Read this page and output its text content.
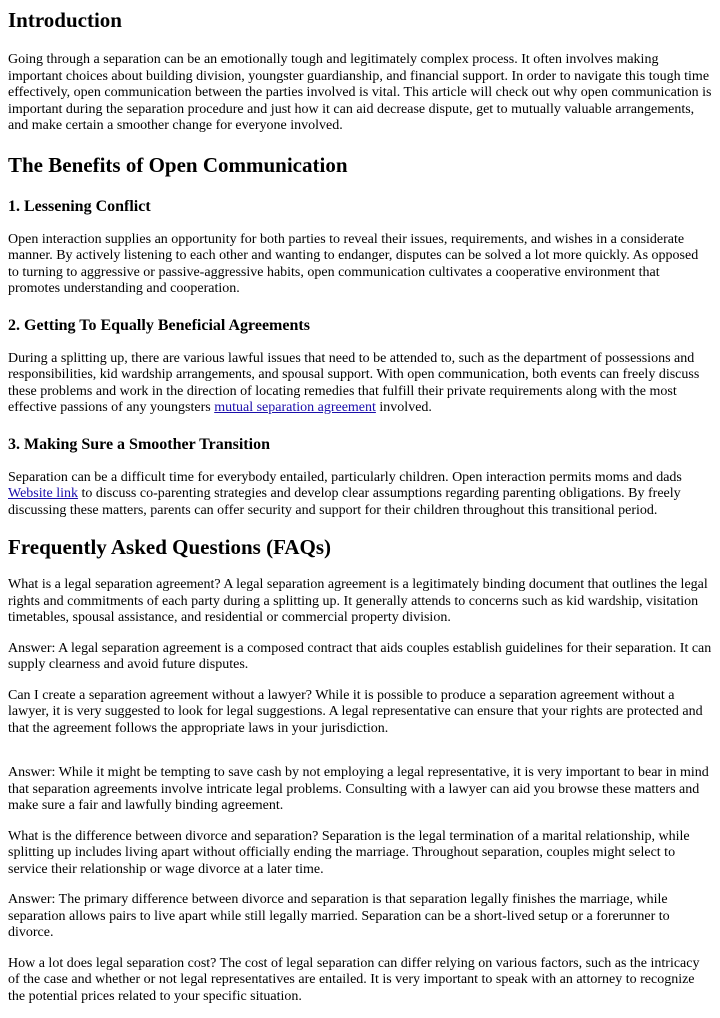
Introduction

Going through a separation can be an emotionally tough and legitimately complex process. It often involves making important choices about building division, youngster guardianship, and financial support. In order to navigate this tough time effectively, open communication between the parties involved is vital. This article will check out why open communication is important during the separation procedure and just how it can aid decrease dispute, get to mutually valuable arrangements, and make certain a smoother change for everyone involved.

The Benefits of Open Communication
1. Lessening Conflict

Open interaction supplies an opportunity for both parties to reveal their issues, requirements, and wishes in a considerate manner. By actively listening to each other and wanting to endanger, disputes can be solved a lot more quickly. As opposed to turning to aggressive or passive-aggressive habits, open communication cultivates a cooperative environment that promotes understanding and cooperation.

2. Getting To Equally Beneficial Agreements

During a splitting up, there are various lawful issues that need to be attended to, such as the department of possessions and responsibilities, kid wardship arrangements, and spousal support. With open communication, both events can freely discuss these problems and work in the direction of locating remedies that fulfill their private requirements along with the most effective passions of any youngsters mutual separation agreement involved.

3. Making Sure a Smoother Transition

Separation can be a difficult time for everybody entailed, particularly children. Open interaction permits moms and dads Website link to discuss co-parenting strategies and develop clear assumptions regarding parenting obligations. By freely discussing these matters, parents can offer security and support for their children throughout this transitional period.

Frequently Asked Questions (FAQs)

What is a legal separation agreement? A legal separation agreement is a legitimately binding document that outlines the legal rights and commitments of each party during a splitting up. It generally attends to concerns such as kid wardship, visitation timetables, spousal assistance, and residential or commercial property division.

Answer: A legal separation agreement is a composed contract that aids couples establish guidelines for their separation. It can supply clearness and avoid future disputes.

Can I create a separation agreement without a lawyer? While it is possible to produce a separation agreement without a lawyer, it is very suggested to look for legal suggestions. A legal representative can ensure that your rights are protected and that the agreement follows the appropriate laws in your jurisdiction.

Answer: While it might be tempting to save cash by not employing a legal representative, it is very important to bear in mind that separation agreements involve intricate legal problems. Consulting with a lawyer can aid you browse these matters and make sure a fair and lawfully binding agreement.

What is the difference between divorce and separation? Separation is the legal termination of a marital relationship, while splitting up includes living apart without officially ending the marriage. Throughout separation, couples might select to service their relationship or wage divorce at a later time.

Answer: The primary difference between divorce and separation is that separation legally finishes the marriage, while separation allows pairs to live apart while still legally married. Separation can be a short-lived setup or a forerunner to divorce.

How a lot does legal separation cost? The cost of legal separation can differ relying on various factors, such as the intricacy of the case and whether or not legal representatives are entailed. It is very important to speak with an attorney to recognize the potential prices related to your specific situation.
